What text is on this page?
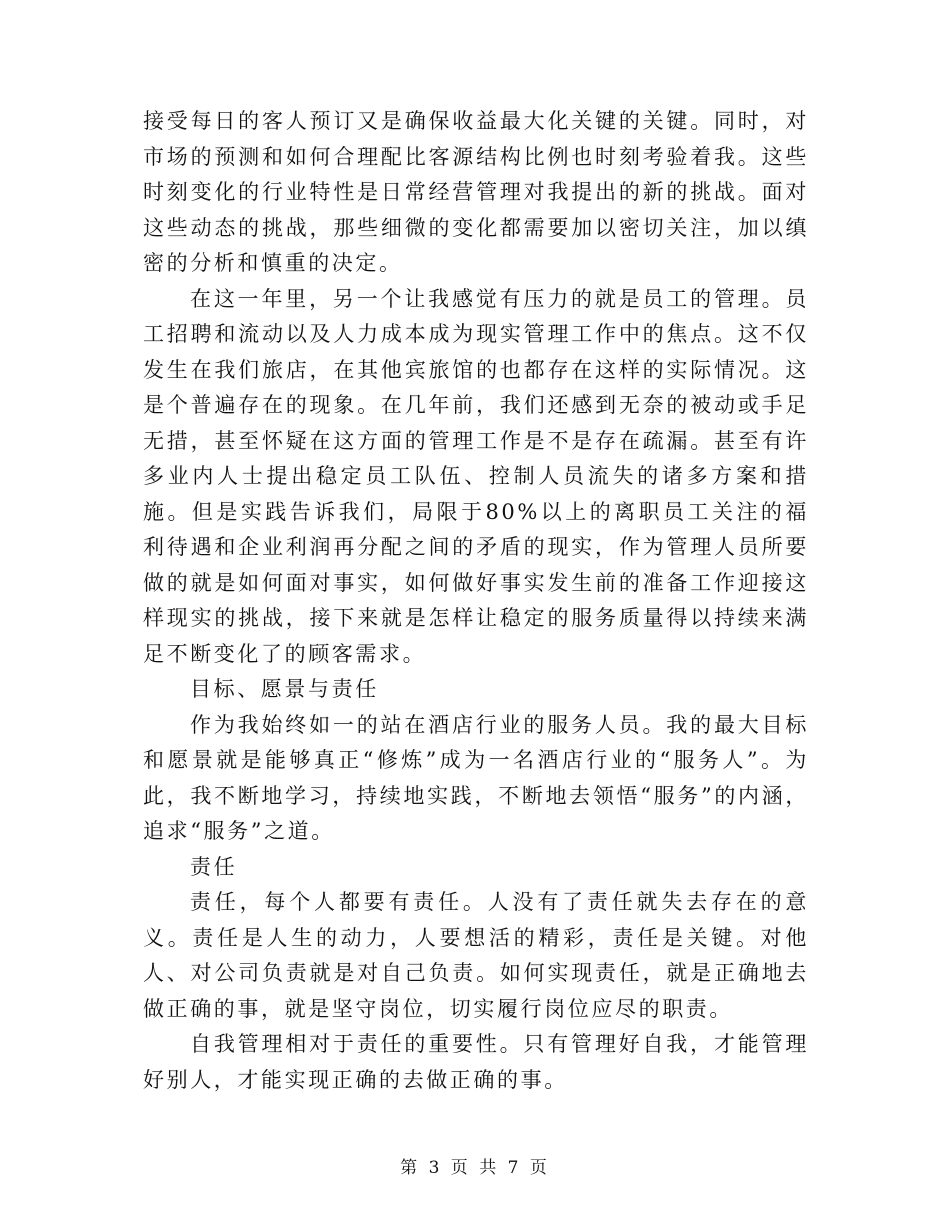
接受每日的客人预订又是确保收益最大化关键的关键。同时，对市场的预测和如何合理配比客源结构比例也时刻考验着我。这些时刻变化的行业特性是日常经营管理对我提出的新的挑战。面对这些动态的挑战，那些细微的变化都需要加以密切关注，加以缜密的分析和慎重的决定。

在这一年里，另一个让我感觉有压力的就是员工的管理。员工招聘和流动以及人力成本成为现实管理工作中的焦点。这不仅发生在我们旅店，在其他宾旅馆的也都存在这样的实际情况。这是个普遍存在的现象。在几年前，我们还感到无奈的被动或手足无措，甚至怀疑在这方面的管理工作是不是存在疏漏。甚至有许多业内人士提出稳定员工队伍、控制人员流失的诸多方案和措施。但是实践告诉我们，局限于80%以上的离职员工关注的福利待遇和企业利润再分配之间的矛盾的现实，作为管理人员所要做的就是如何面对事实，如何做好事实发生前的准备工作迎接这样现实的挑战，接下来就是怎样让稳定的服务质量得以持续来满足不断变化了的顾客需求。

目标、愿景与责任

作为我始终如一的站在酒店行业的服务人员。我的最大目标和愿景就是能够真正“修炼”成为一名酒店行业的“服务人”。为此，我不断地学习，持续地实践，不断地去领悟“服务”的内涵，追求“服务”之道。

责任

责任，每个人都要有责任。人没有了责任就失去存在的意义。责任是人生的动力，人要想活的精彩，责任是关键。对他人、对公司负责就是对自己负责。如何实现责任，就是正确地去做正确的事，就是坚守岗位，切实履行岗位应尽的职责。

自我管理相对于责任的重要性。只有管理好自我，才能管理好别人，才能实现正确的去做正确的事。

第 3 页 共 7 页
